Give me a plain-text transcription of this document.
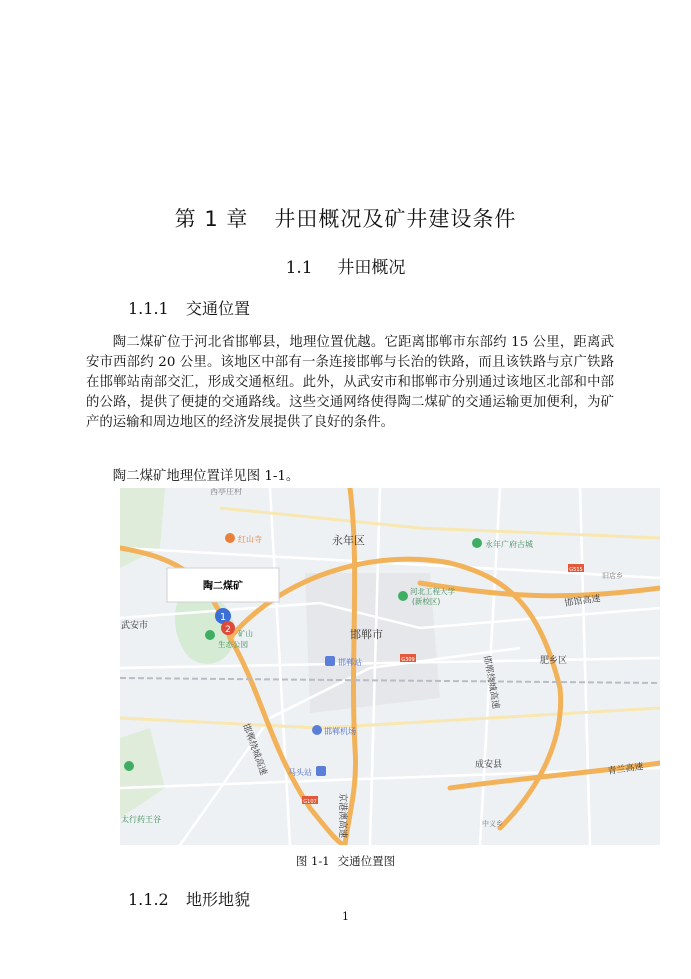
第 1 章 井田概况及矿井建设条件
1.1 井田概况
1.1.1 交通位置

陶二煤矿位于河北省邯郸县，地理位置优越。它距离邯郸市东部约 15 公里，距离武安市西部约 20 公里。该地区中部有一条连接邯郸与长治的铁路，而且该铁路与京广铁路在邯郸站南部交汇，形成交通枢纽。此外，从武安市和邯郸市分别通过该地区北部和中部的公路，提供了便捷的交通路线。这些交通网络使得陶二煤矿的交通运输更加便利，为矿产的运输和周边地区的经济发展提供了良好的条件。

陶二煤矿地理位置详见图 1-1。

陶二煤矿
1
2
G515
G309
G107
西亭庄村
红山寺	永年区	永年广府古城
旧店乡
武安市
河北工程大学
(新校区)
邯郸市
矿山
生态公园
邯郸站	肥乡区
邯郸机场
马头站
成安县
太行药王谷	中义乡
邯馆高速
青兰高速
邯郸绕城高速
邯郸绕城高速
京港澳高速
图 1-1 交通位置图
1.1.2 地形地貌
1
